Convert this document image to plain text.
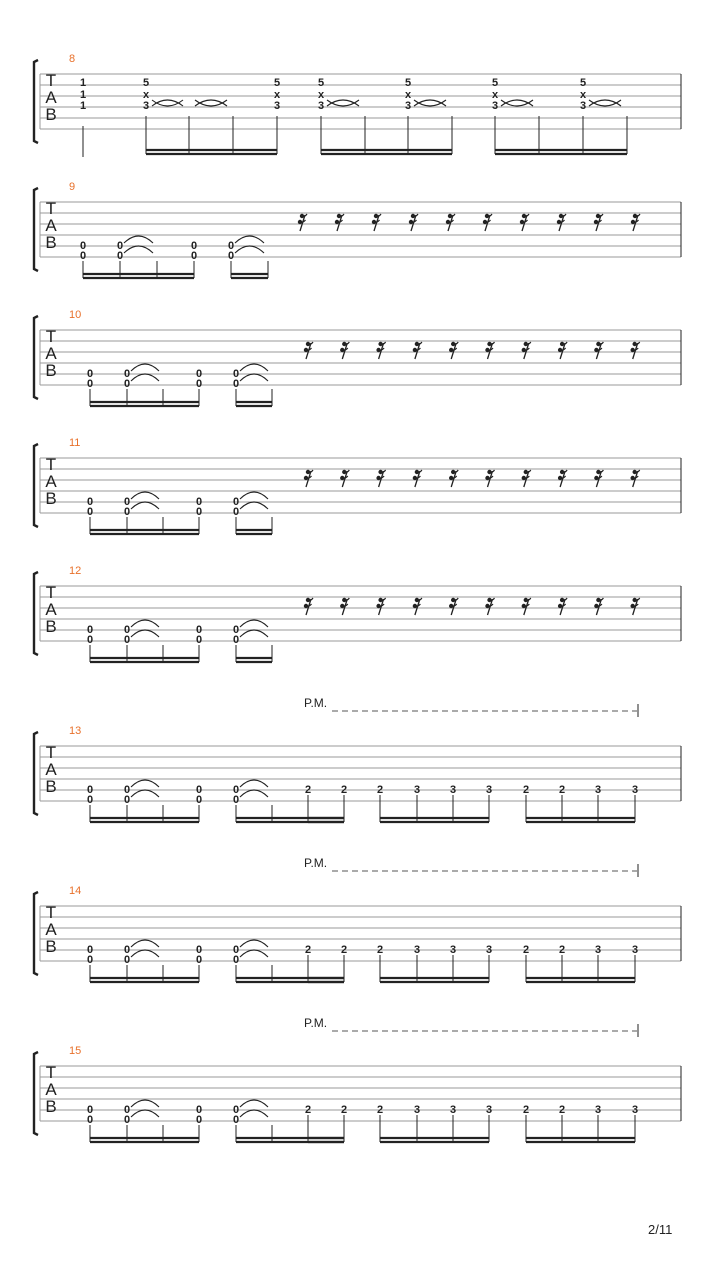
T
A
B
8
1
1
1
5
x
3
5
x
3
5
x
3
5
x
3
5
x
3
5
x
3
T
A
B
9
0
0
0
0
0
0
0
0
T
A
B
10
0
0
0
0
0
0
0
0
T
A
B
11
0
0
0
0
0
0
0
0
T
A
B
12
0
0
0
0
0
0
0
0
T
A
B
13
P.M.
0
0
0
0
0
0
0
0
2	2	2	3	3	3	2	2	3	3
T
A
B
14
P.M.
0
0
0
0
0
0
0
0
2	2	2	3	3	3	2	2	3	3
T
A
B
15
P.M.
0
0
0
0
0
0
0
0
2	2	2	3	3	3	2	2	3	3
2/11
